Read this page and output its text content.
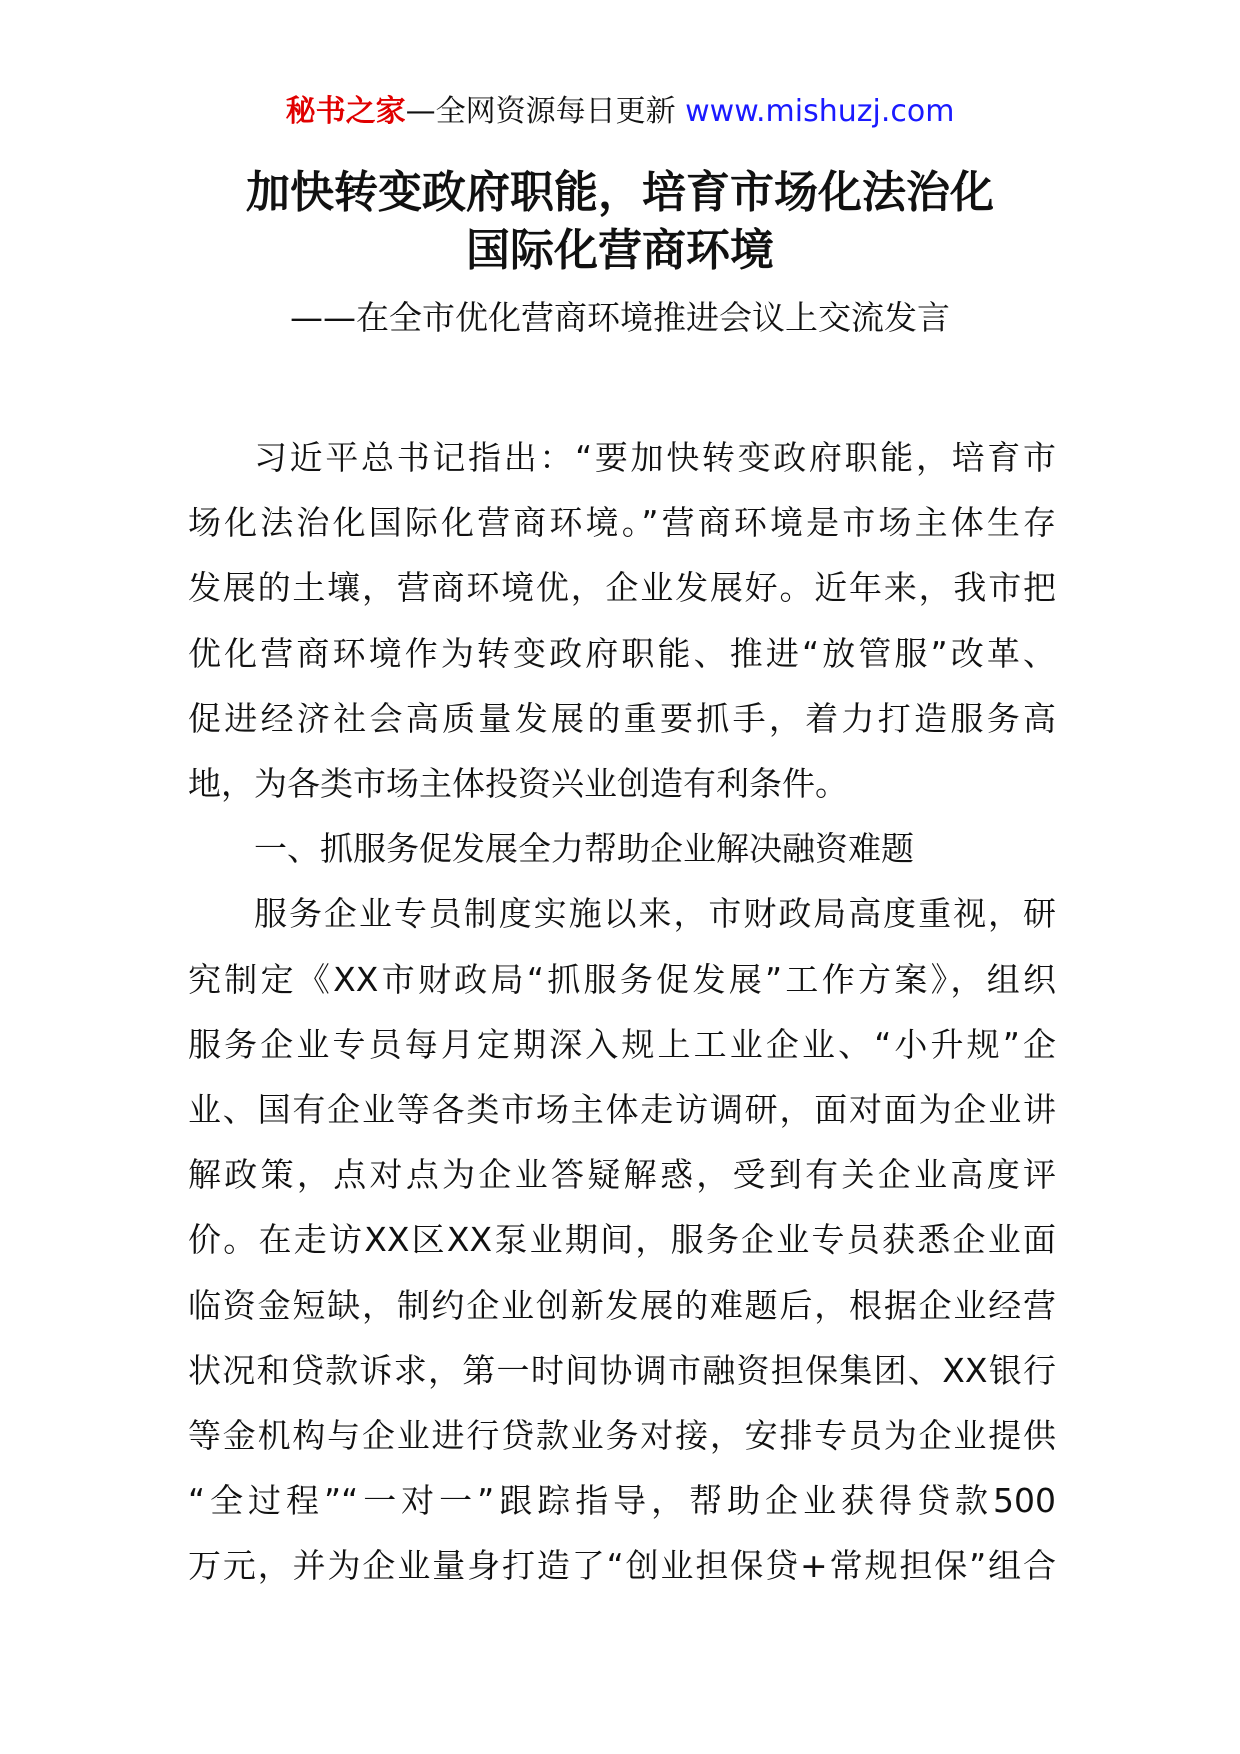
秘书之家—全网资源每日更新 www.mishuzj.com
加快转变政府职能，培育市场化法治化
国际化营商环境
——在全市优化营商环境推进会议上交流发言

习近平总书记指出：“要加快转变政府职能，培育市
场化法治化国际化营商环境。”营商环境是市场主体生存
发展的土壤，营商环境优，企业发展好。近年来，我市把
优化营商环境作为转变政府职能、推进“放管服”改革、
促进经济社会高质量发展的重要抓手，着力打造服务高
地，为各类市场主体投资兴业创造有利条件。

一、抓服务促发展全力帮助企业解决融资难题

服务企业专员制度实施以来，市财政局高度重视，研
究制定《XX市财政局“抓服务促发展”工作方案》，组织
服务企业专员每月定期深入规上工业企业、“小升规”企
业、国有企业等各类市场主体走访调研，面对面为企业讲
解政策，点对点为企业答疑解惑，受到有关企业高度评
价。在走访XX区XX泵业期间，服务企业专员获悉企业面
临资金短缺，制约企业创新发展的难题后，根据企业经营
状况和贷款诉求，第一时间协调市融资担保集团、XX银行
等金机构与企业进行贷款业务对接，安排专员为企业提供
“全过程”“一对一”跟踪指导，帮助企业获得贷款500
万元，并为企业量身打造了“创业担保贷+常规担保”组合
